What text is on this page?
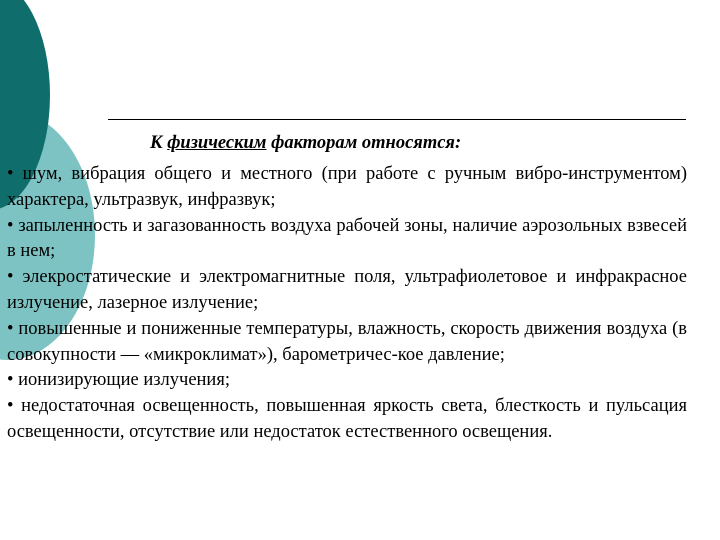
К физическим факторам относятся:

• шум, вибрация общего и местного (при работе с ручным вибро-инструментом) характера, ультразвук, инфразвук;

• запыленность и загазованность воздуха рабочей зоны, наличие аэрозольных взвесей в нем;

• элекростатические и электромагнитные поля, ультрафиолетовое и инфракрасное излучение, лазерное излучение;

• повышенные и пониженные температуры, влажность, скорость движения воздуха (в совокупности — «микроклимат»), барометричес-кое давление;

• ионизирующие излучения;

• недостаточная освещенность, повышенная яркость света, блесткость и пульсация освещенности, отсутствие или недостаток естественного освещения.
